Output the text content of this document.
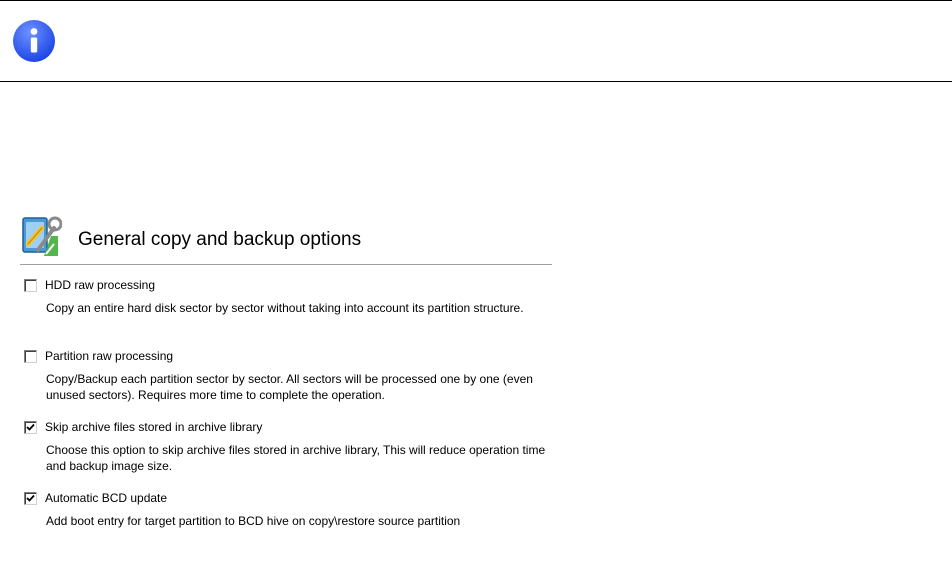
General copy and backup options
HDD raw processing
Copy an entire hard disk sector by sector without taking into account its partition structure.
Partition raw processing
Copy/Backup each partition sector by sector. All sectors will be processed one by one (even unused sectors). Requires more time to complete the operation.
Skip archive files stored in archive library
Choose this option to skip archive files stored in archive library, This will reduce operation time and backup image size.
Automatic BCD update
Add boot entry for target partition to BCD hive on copy\restore source partition
